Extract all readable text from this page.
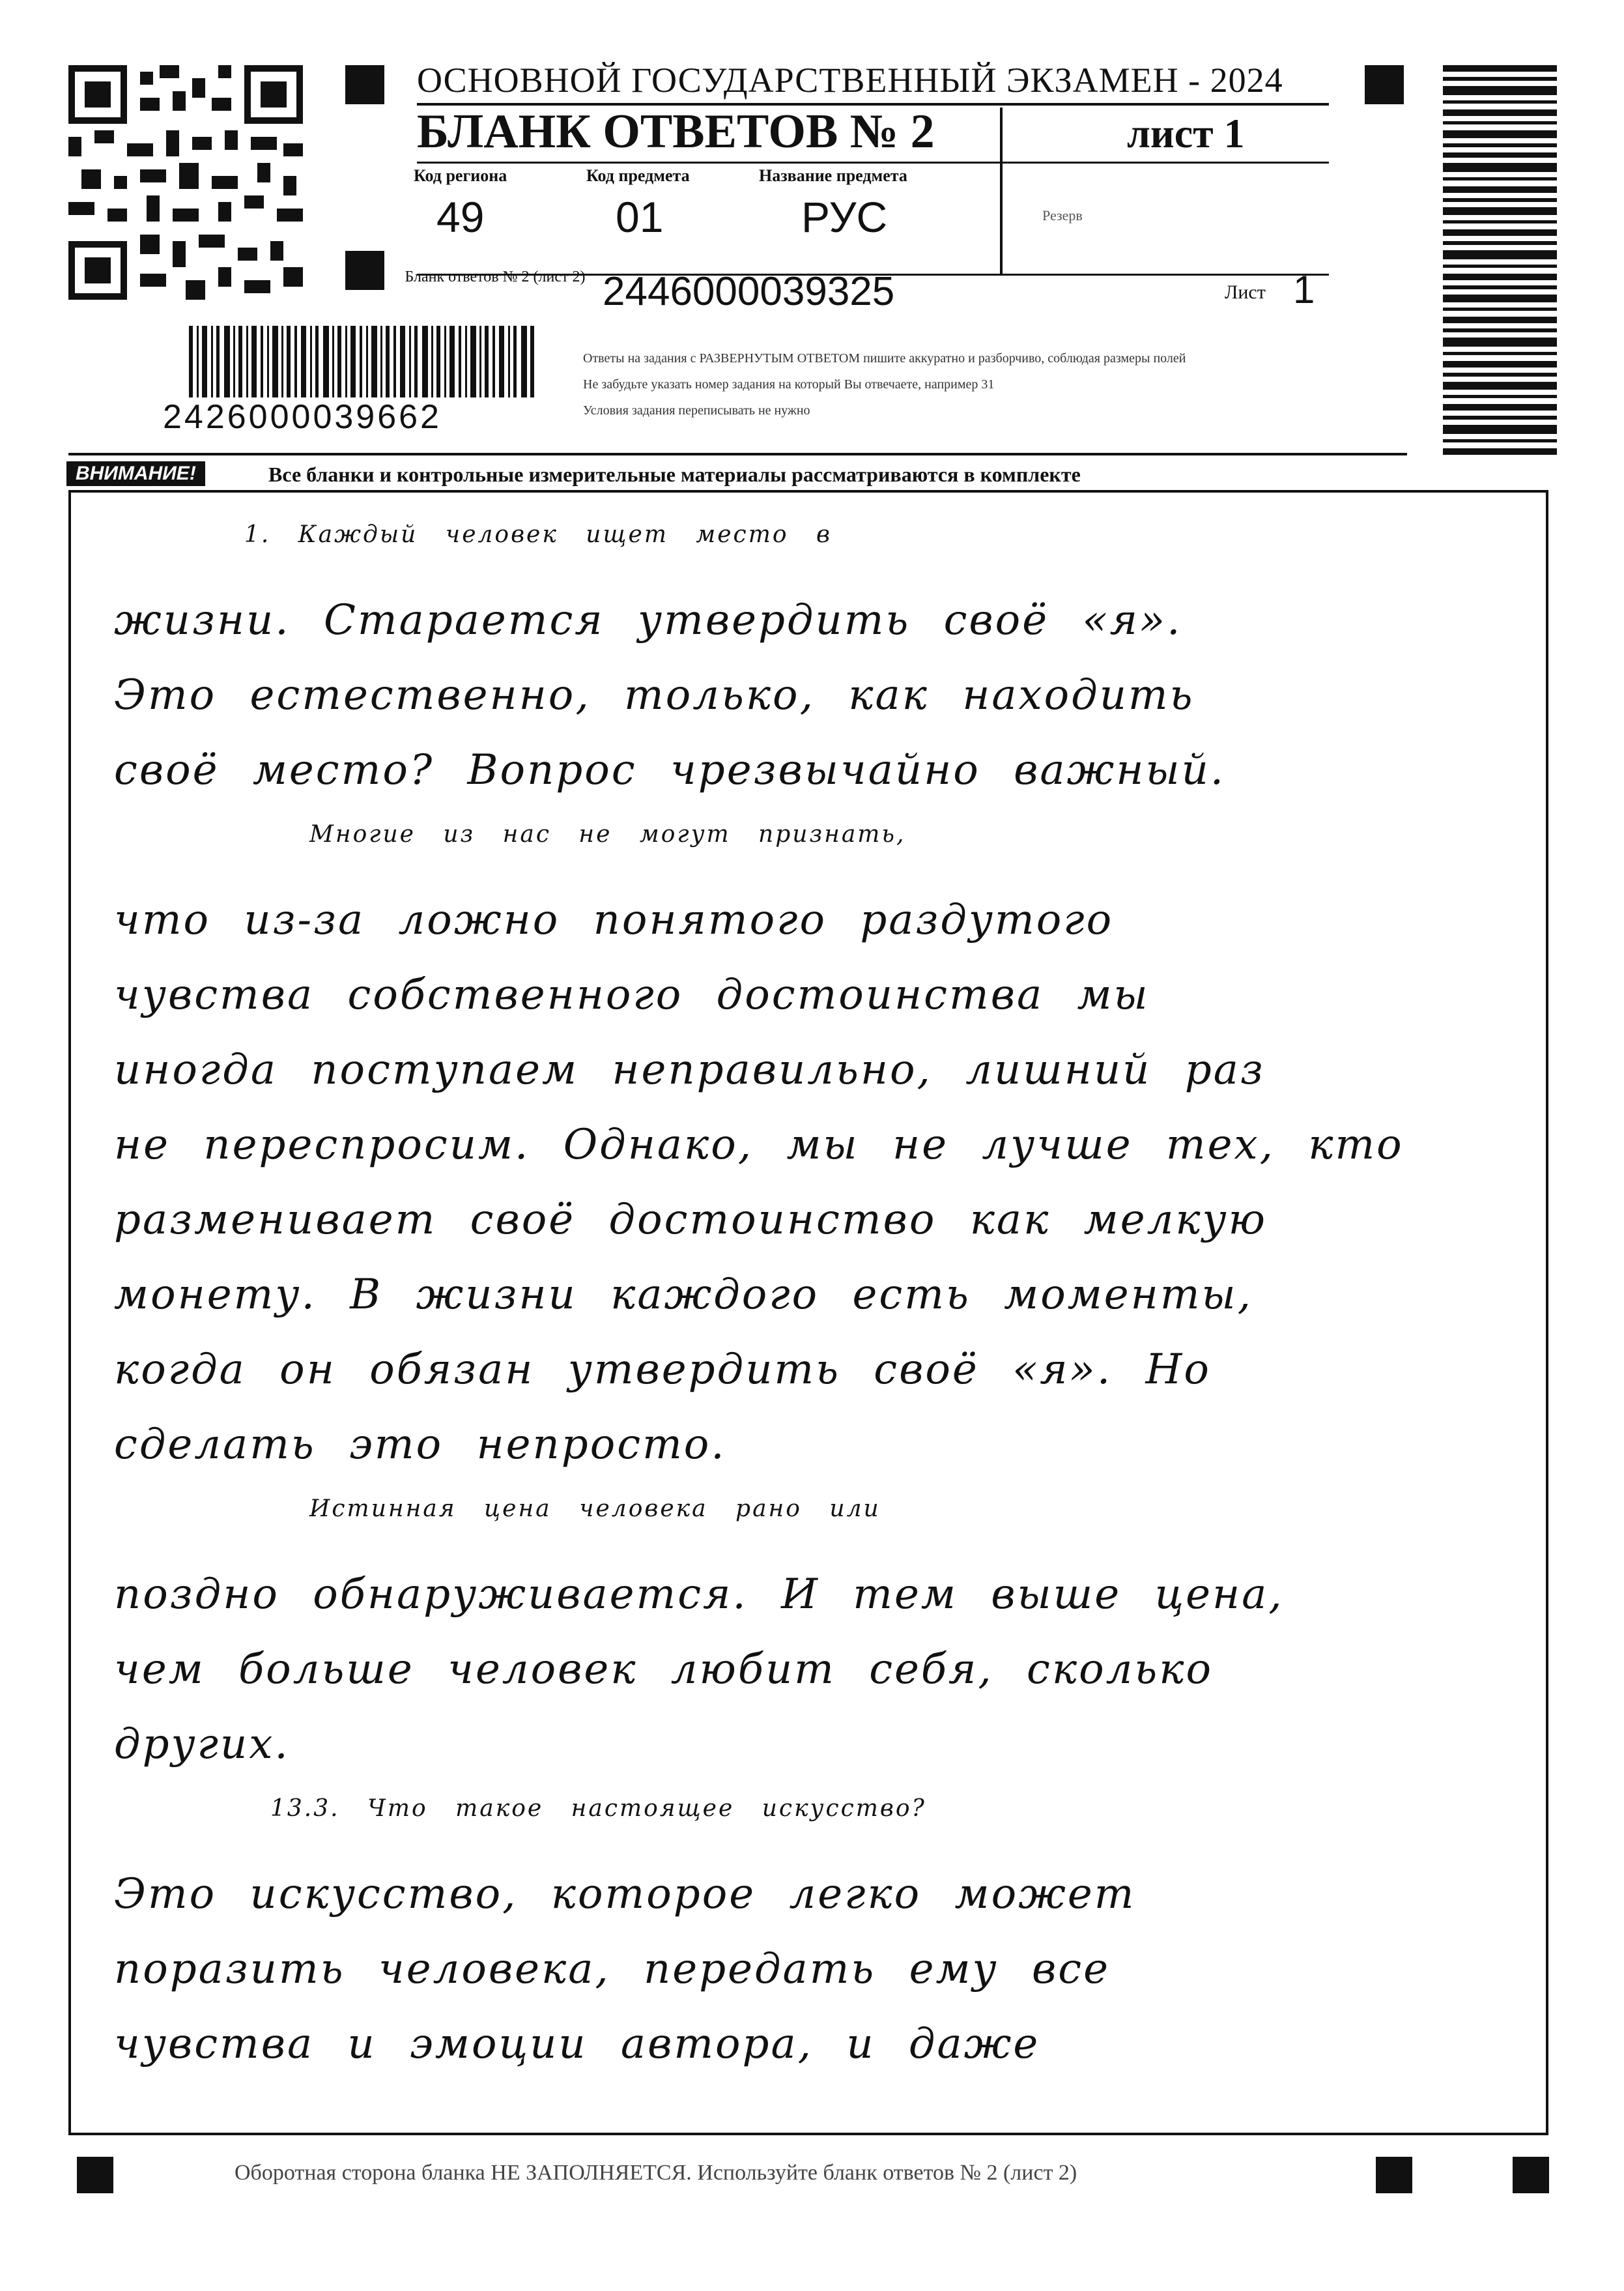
ОСНОВНОЙ ГОСУДАРСТВЕННЫЙ ЭКЗАМЕН - 2024
БЛАНК ОТВЕТОВ № 2	лист 1
Код региона
49
Код предмета
01
Название предмета
РУС	Резерв
Бланк ответов № 2 (лист 2) 2446000039325	Лист 1
2426000039662
Ответы на задания с РАЗВЕРНУТЫМ ОТВЕТОМ пишите аккуратно и разборчиво, соблюдая размеры полей
Не забудьте указать номер задания на который Вы отвечаете, например 31
Условия задания переписывать не нужно
ВНИМАНИЕ!	Все бланки и контрольные измерительные материалы рассматриваются в комплекте
1. Каждый человек ищет место в
жизни. Старается утвердить своё «я».
Это естественно, только, как находить
своё место? Вопрос чрезвычайно важный.
Многие из нас не могут признать,
что из-за ложно понятого раздутого
чувства собственного достоинства мы
иногда поступаем неправильно, лишний раз
не переспросим. Однако, мы не лучше тех, кто
разменивает своё достоинство как мелкую
монету. В жизни каждого есть моменты,
когда он обязан утвердить своё «я». Но
сделать это непросто.
Истинная цена человека рано или
поздно обнаруживается. И тем выше цена,
чем больше человек любит себя, сколько
других.
13.3. Что такое настоящее искусство?
Это искусство, которое легко может
поразить человека, передать ему все
чувства и эмоции автора, и даже
Оборотная сторона бланка НЕ ЗАПОЛНЯЕТСЯ. Используйте бланк ответов № 2 (лист 2)
